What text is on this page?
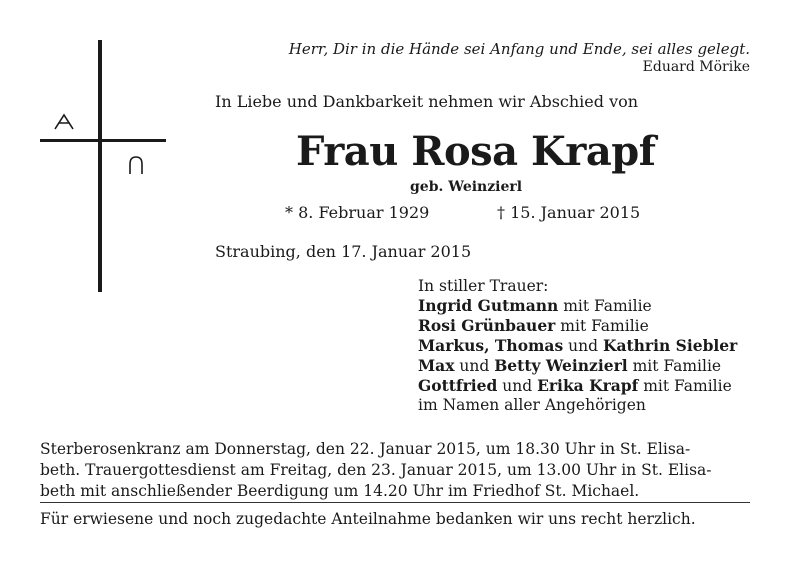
Herr, Dir in die Hände sei Anfang und Ende, sei alles gelegt.
Eduard Mörike
In Liebe und Dankbarkeit nehmen wir Abschied von
Frau Rosa Krapf
geb. Weinzierl
* 8. Februar 1929	† 15. Januar 2015
Straubing, den 17. Januar 2015
In stiller Trauer:
Ingrid Gutmann mit Familie
Rosi Grünbauer mit Familie
Markus, Thomas und Kathrin Siebler
Max und Betty Weinzierl mit Familie
Gottfried und Erika Krapf mit Familie
im Namen aller Angehörigen
Sterberosenkranz am Donnerstag, den 22. Januar 2015, um 18.30 Uhr in St. Elisa-
beth. Trauergottesdienst am Freitag, den 23. Januar 2015, um 13.00 Uhr in St. Elisa-
beth mit anschließender Beerdigung um 14.20 Uhr im Friedhof St. Michael.
Für erwiesene und noch zugedachte Anteilnahme bedanken wir uns recht herzlich.
